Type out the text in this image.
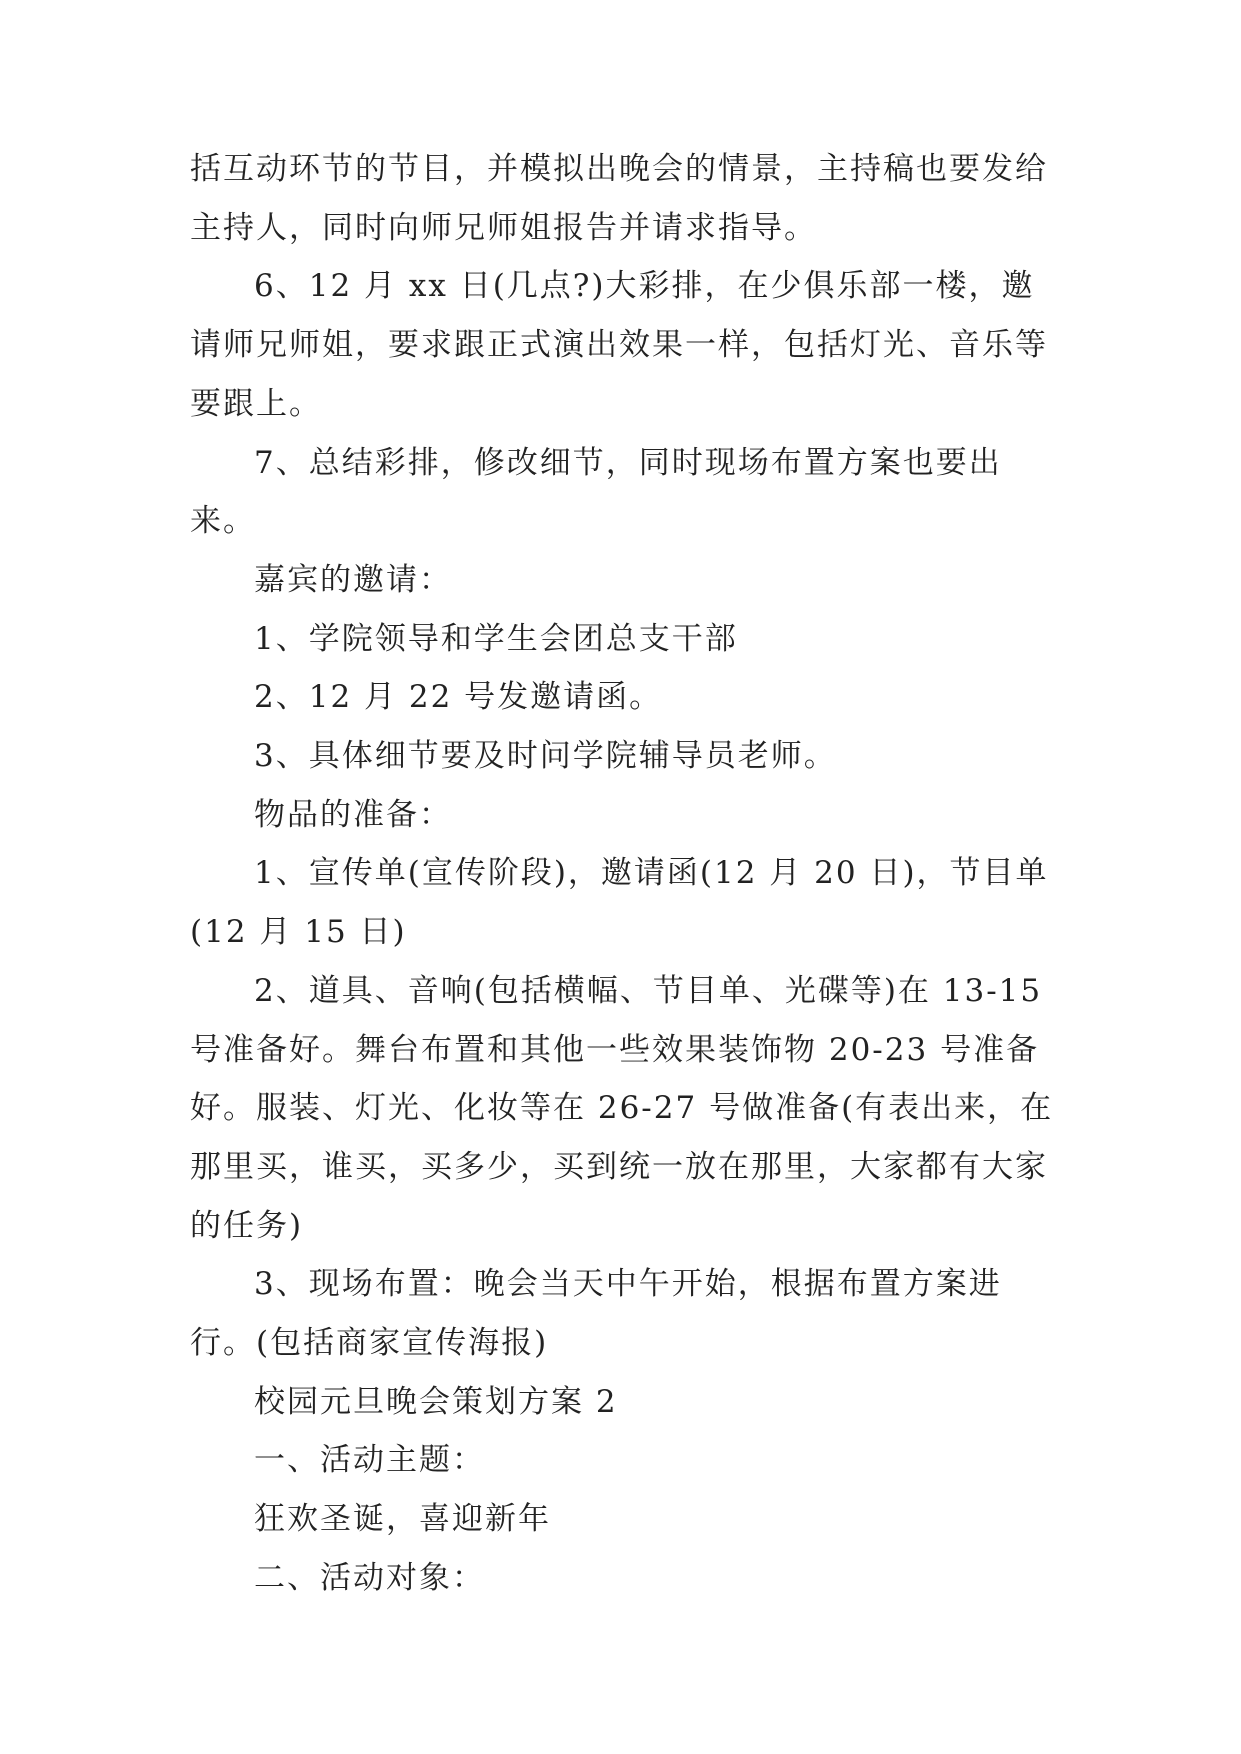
括互动环节的节目，并模拟出晚会的情景，主持稿也要发给主持人，同时向师兄师姐报告并请求指导。

6、12 月 xx 日(几点?)大彩排，在少俱乐部一楼，邀请师兄师姐，要求跟正式演出效果一样，包括灯光、音乐等要跟上。

7、总结彩排，修改细节，同时现场布置方案也要出来。

嘉宾的邀请：

1、学院领导和学生会团总支干部

2、12 月 22 号发邀请函。

3、具体细节要及时问学院辅导员老师。

物品的准备：

1、宣传单(宣传阶段)，邀请函(12 月 20 日)，节目单(12 月 15 日)

2、道具、音响(包括横幅、节目单、光碟等)在 13-15 号准备好。舞台布置和其他一些效果装饰物 20-23 号准备好。服装、灯光、化妆等在 26-27 号做准备(有表出来，在那里买，谁买，买多少，买到统一放在那里，大家都有大家的任务)

3、现场布置：晚会当天中午开始，根据布置方案进行。(包括商家宣传海报)

校园元旦晚会策划方案 2

一、活动主题：

狂欢圣诞，喜迎新年

二、活动对象：
